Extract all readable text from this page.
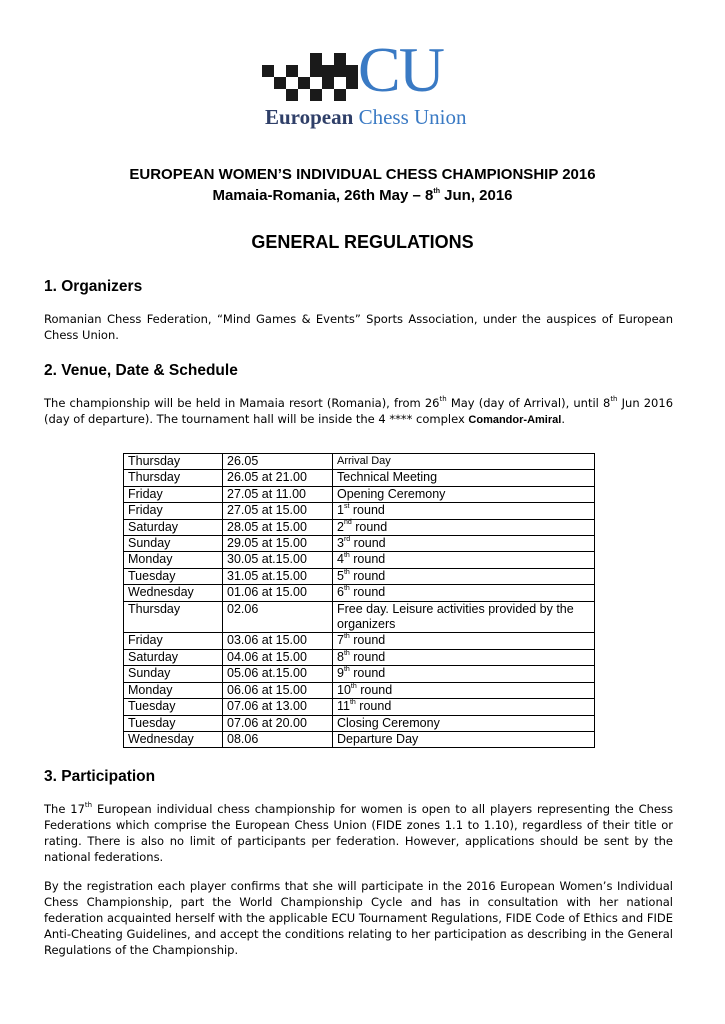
CU
European Chess Union
EUROPEAN WOMEN’S INDIVIDUAL CHESS CHAMPIONSHIP 2016
Mamaia-Romania, 26th May – 8th Jun, 2016
GENERAL REGULATIONS
1. Organizers

Romanian Chess Federation, “Mind Games & Events” Sports Association, under the auspices of European Chess Union.

2. Venue, Date & Schedule

The championship will be held in Mamaia resort (Romania), from 26th May (day of Arrival), until 8th Jun 2016 (day of departure). The tournament hall will be inside the 4 **** complex Comandor-Amiral.

Thursday	26.05	Arrival Day
Thursday	26.05 at 21.00	Technical Meeting
Friday	27.05 at 11.00	Opening Ceremony
Friday	27.05 at 15.00	1st round
Saturday	28.05 at 15.00	2nd round
Sunday	29.05 at 15.00	3rd round
Monday	30.05 at.15.00	4th round
Tuesday	31.05 at.15.00	5th round
Wednesday	01.06 at 15.00	6th round
Thursday	02.06	Free day. Leisure activities provided by the organizers
Friday	03.06 at 15.00	7th round
Saturday	04.06 at 15.00	8th round
Sunday	05.06 at.15.00	9th round
Monday	06.06 at 15.00	10th round
Tuesday	07.06 at 13.00	11th round
Tuesday	07.06 at 20.00	Closing Ceremony
Wednesday	08.06	Departure Day
3. Participation

The 17th European individual chess championship for women is open to all players representing the Chess Federations which comprise the European Chess Union (FIDE zones 1.1 to 1.10), regardless of their title or rating. There is also no limit of participants per federation. However, applications should be sent by the national federations.

By the registration each player confirms that she will participate in the 2016 European Women’s Individual Chess Championship, part the World Championship Cycle and has in consultation with her national federation acquainted herself with the applicable ECU Tournament Regulations, FIDE Code of Ethics and FIDE Anti-Cheating Guidelines, and accept the conditions relating to her participation as describing in the General Regulations of the Championship.
